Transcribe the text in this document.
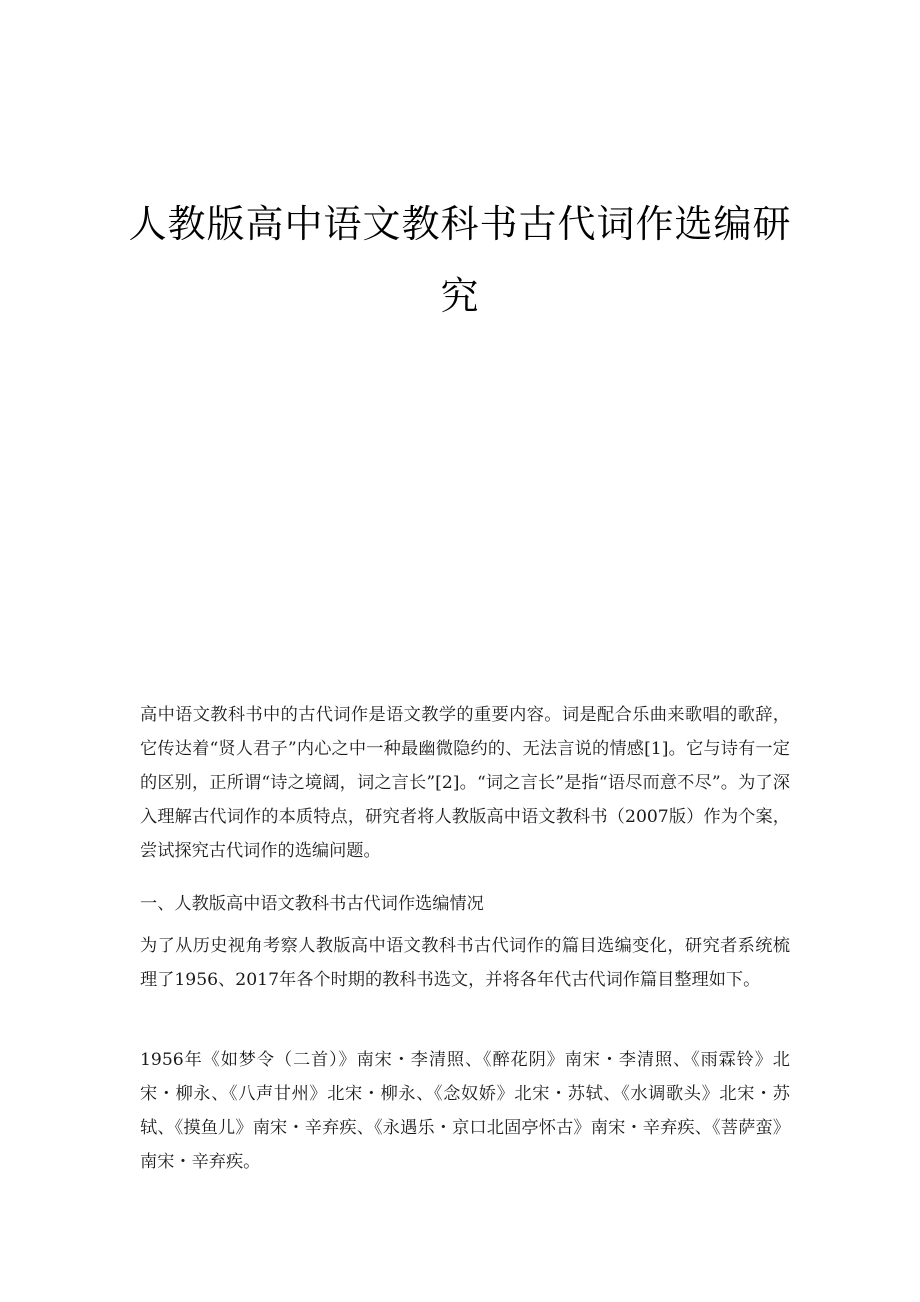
人教版高中语文教科书古代词作选编研究

高中语文教科书中的古代词作是语文教学的重要内容。词是配合乐曲来歌唱的歌辞，它传达着“贤人君子”内心之中一种最幽微隐约的、无法言说的情感[1]。它与诗有一定的区别，正所谓“诗之境阔，词之言长”[2]。“词之言长”是指“语尽而意不尽”。为了深入理解古代词作的本质特点，研究者将人教版高中语文教科书（2007版）作为个案，尝试探究古代词作的选编问题。

一、人教版高中语文教科书古代词作选编情况

为了从历史视角考察人教版高中语文教科书古代词作的篇目选编变化，研究者系统梳理了1956、2017年各个时期的教科书选文，并将各年代古代词作篇目整理如下。

1956年《如梦令（二首）》南宋・李清照、《醉花阴》南宋・李清照、《雨霖铃》北宋・柳永、《八声甘州》北宋・柳永、《念奴娇》北宋・苏轼、《水调歌头》北宋・苏轼、《摸鱼儿》南宋・辛弃疾、《永遇乐・京口北固亭怀古》南宋・辛弃疾、《菩萨蛮》南宋・辛弃疾。
